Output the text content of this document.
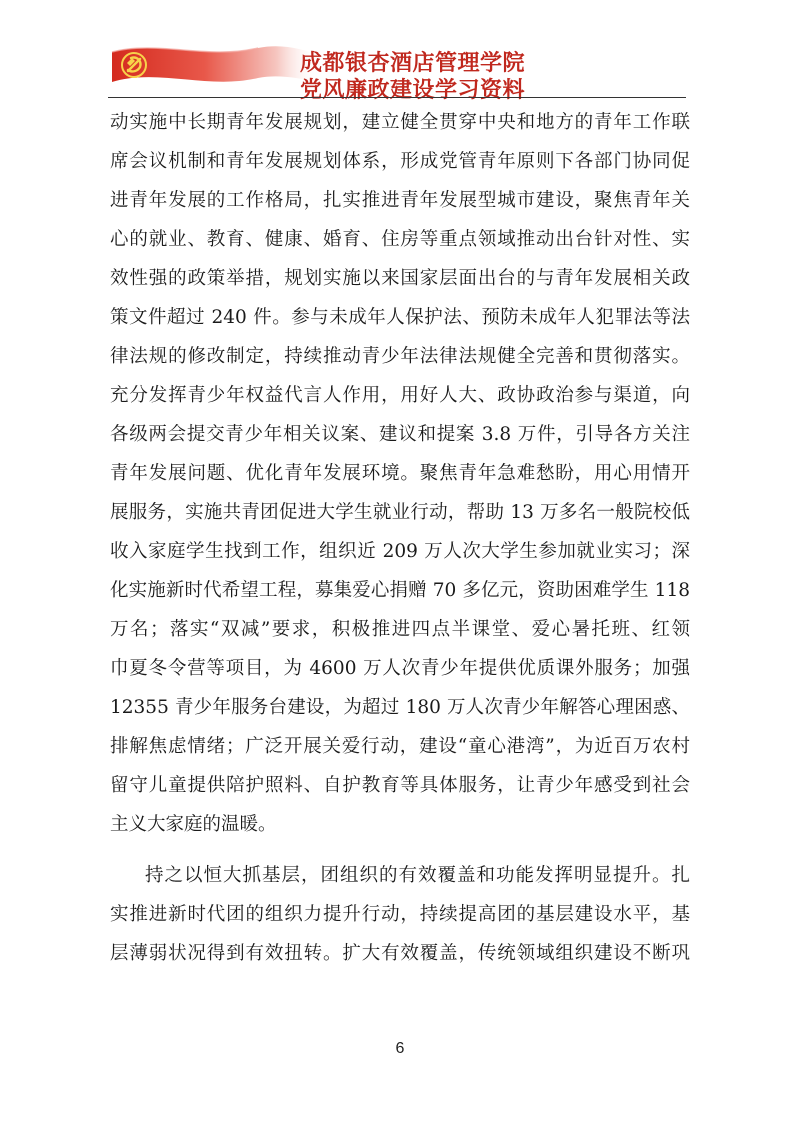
成都银杏酒店管理学院
党风廉政建设学习资料
动实施中长期青年发展规划，建立健全贯穿中央和地方的青年工作联
席会议机制和青年发展规划体系，形成党管青年原则下各部门协同促
进青年发展的工作格局，扎实推进青年发展型城市建设，聚焦青年关
心的就业、教育、健康、婚育、住房等重点领域推动出台针对性、实
效性强的政策举措，规划实施以来国家层面出台的与青年发展相关政
策文件超过 240 件。参与未成年人保护法、预防未成年人犯罪法等法
律法规的修改制定，持续推动青少年法律法规健全完善和贯彻落实。
充分发挥青少年权益代言人作用，用好人大、政协政治参与渠道，向
各级两会提交青少年相关议案、建议和提案 3.8 万件，引导各方关注
青年发展问题、优化青年发展环境。聚焦青年急难愁盼，用心用情开
展服务，实施共青团促进大学生就业行动，帮助 13 万多名一般院校低
收入家庭学生找到工作，组织近 209 万人次大学生参加就业实习；深
化实施新时代希望工程，募集爱心捐赠 70 多亿元，资助困难学生 118
万名；落实“双减”要求，积极推进四点半课堂、爱心暑托班、红领
巾夏冬令营等项目，为 4600 万人次青少年提供优质课外服务；加强
12355 青少年服务台建设，为超过 180 万人次青少年解答心理困惑、
排解焦虑情绪；广泛开展关爱行动，建设“童心港湾”，为近百万农村
留守儿童提供陪护照料、自护教育等具体服务，让青少年感受到社会
主义大家庭的温暖。
持之以恒大抓基层，团组织的有效覆盖和功能发挥明显提升。扎
实推进新时代团的组织力提升行动，持续提高团的基层建设水平，基
层薄弱状况得到有效扭转。扩大有效覆盖，传统领域组织建设不断巩
6
